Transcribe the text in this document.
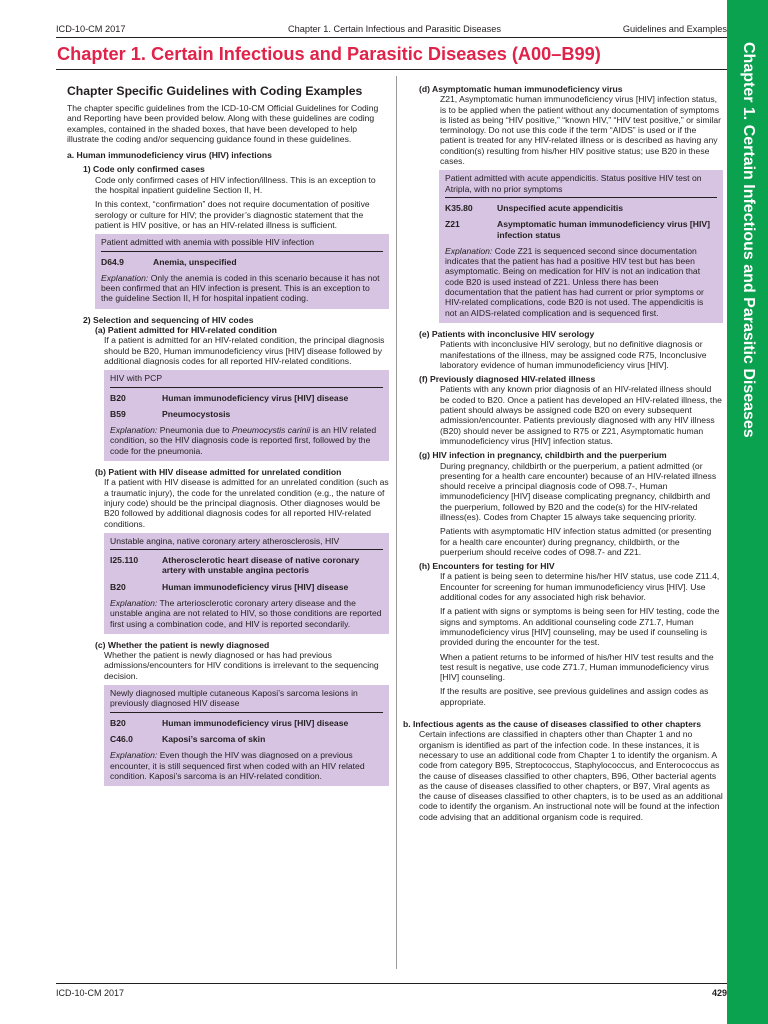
ICD-10-CM 2017	Chapter 1. Certain Infectious and Parasitic Diseases	Guidelines and Examples
Chapter 1. Certain Infectious and Parasitic Diseases
Chapter 1. Certain Infectious and Parasitic Diseases (A00–B99)
Chapter Specific Guidelines with Coding Examples

The chapter specific guidelines from the ICD-10-CM Official Guidelines for Coding and Reporting have been provided below. Along with these guidelines are coding examples, contained in the shaded boxes, that have been developed to help illustrate the coding and/or sequencing guidance found in these guidelines.

a. Human immunodeficiency virus (HIV) infections

1) Code only confirmed cases

Code only confirmed cases of HIV infection/illness. This is an exception to the hospital inpatient guideline Section II, H.

In this context, “confirmation” does not require documentation of positive serology or culture for HIV; the provider’s diagnostic statement that the patient is HIV positive, or has an HIV-related illness is sufficient.

Patient admitted with anemia with possible HIV infection

D64.9	Anemia, unspecified

Explanation: Only the anemia is coded in this scenario because it has not been confirmed that an HIV infection is present. This is an exception to the guideline Section II, H for hospital inpatient coding.

2) Selection and sequencing of HIV codes

(a) Patient admitted for HIV-related condition

If a patient is admitted for an HIV-related condition, the principal diagnosis should be B20, Human immunodeficiency virus [HIV] disease followed by additional diagnosis codes for all reported HIV-related conditions.

HIV with PCP

B20	Human immunodeficiency virus [HIV] disease
B59	Pneumocystosis

Explanation: Pneumonia due to Pneumocystis carinii is an HIV related condition, so the HIV diagnosis code is reported first, followed by the code for the pneumonia.

(b) Patient with HIV disease admitted for unrelated condition

If a patient with HIV disease is admitted for an unrelated condition (such as a traumatic injury), the code for the unrelated condition (e.g., the nature of injury code) should be the principal diagnosis. Other diagnoses would be B20 followed by additional diagnosis codes for all reported HIV-related conditions.

Unstable angina, native coronary artery atherosclerosis, HIV

I25.110	Atherosclerotic heart disease of native coronary artery with unstable angina pectoris
B20	Human immunodeficiency virus [HIV] disease

Explanation: The arteriosclerotic coronary artery disease and the unstable angina are not related to HIV, so those conditions are reported first using a combination code, and HIV is reported secondarily.

(c) Whether the patient is newly diagnosed

Whether the patient is newly diagnosed or has had previous admissions/encounters for HIV conditions is irrelevant to the sequencing decision.

Newly diagnosed multiple cutaneous Kaposi’s sarcoma lesions in previously diagnosed HIV disease

B20	Human immunodeficiency virus [HIV] disease
C46.0	Kaposi’s sarcoma of skin

Explanation: Even though the HIV was diagnosed on a previous encounter, it is still sequenced first when coded with an HIV related condition. Kaposi’s sarcoma is an HIV-related condition.

(d) Asymptomatic human immunodeficiency virus

Z21, Asymptomatic human immunodeficiency virus [HIV] infection status, is to be applied when the patient without any documentation of symptoms is listed as being “HIV positive,” “known HIV,” “HIV test positive,” or similar terminology. Do not use this code if the term “AIDS” is used or if the patient is treated for any HIV-related illness or is described as having any condition(s) resulting from his/her HIV positive status; use B20 in these cases.

Patient admitted with acute appendicitis. Status positive HIV test on Atripla, with no prior symptoms

K35.80	Unspecified acute appendicitis
Z21	Asymptomatic human immunodeficiency virus [HIV] infection status

Explanation: Code Z21 is sequenced second since documentation indicates that the patient has had a positive HIV test but has been asymptomatic. Being on medication for HIV is not an indication that code B20 is used instead of Z21. Unless there has been documentation that the patient has had current or prior symptoms or HIV-related complications, code B20 is not used. The appendicitis is not an AIDS-related complication and is sequenced first.

(e) Patients with inconclusive HIV serology

Patients with inconclusive HIV serology, but no definitive diagnosis or manifestations of the illness, may be assigned code R75, Inconclusive laboratory evidence of human immunodeficiency virus [HIV].

(f) Previously diagnosed HIV-related illness

Patients with any known prior diagnosis of an HIV-related illness should be coded to B20. Once a patient has developed an HIV-related illness, the patient should always be assigned code B20 on every subsequent admission/encounter. Patients previously diagnosed with any HIV illness (B20) should never be assigned to R75 or Z21, Asymptomatic human immunodeficiency virus [HIV] infection status.

(g) HIV infection in pregnancy, childbirth and the puerperium

During pregnancy, childbirth or the puerperium, a patient admitted (or presenting for a health care encounter) because of an HIV-related illness should receive a principal diagnosis code of O98.7-, Human immunodeficiency [HIV] disease complicating pregnancy, childbirth and the puerperium, followed by B20 and the code(s) for the HIV-related illness(es). Codes from Chapter 15 always take sequencing priority.

Patients with asymptomatic HIV infection status admitted (or presenting for a health care encounter) during pregnancy, childbirth, or the puerperium should receive codes of O98.7- and Z21.

(h) Encounters for testing for HIV

If a patient is being seen to determine his/her HIV status, use code Z11.4, Encounter for screening for human immunodeficiency virus [HIV]. Use additional codes for any associated high risk behavior.

If a patient with signs or symptoms is being seen for HIV testing, code the signs and symptoms. An additional counseling code Z71.7, Human immunodeficiency virus [HIV] counseling, may be used if counseling is provided during the encounter for the test.

When a patient returns to be informed of his/her HIV test results and the test result is negative, use code Z71.7, Human immunodeficiency virus [HIV] counseling.

If the results are positive, see previous guidelines and assign codes as appropriate.

b. Infectious agents as the cause of diseases classified to other chapters

Certain infections are classified in chapters other than Chapter 1 and no organism is identified as part of the infection code. In these instances, it is necessary to use an additional code from Chapter 1 to identify the organism. A code from category B95, Streptococcus, Staphylococcus, and Enterococcus as the cause of diseases classified to other chapters, B96, Other bacterial agents as the cause of diseases classified to other chapters, or B97, Viral agents as the cause of diseases classified to other chapters, is to be used as an additional code to identify the organism. An instructional note will be found at the infection code advising that an additional organism code is required.

ICD-10-CM 2017	429
